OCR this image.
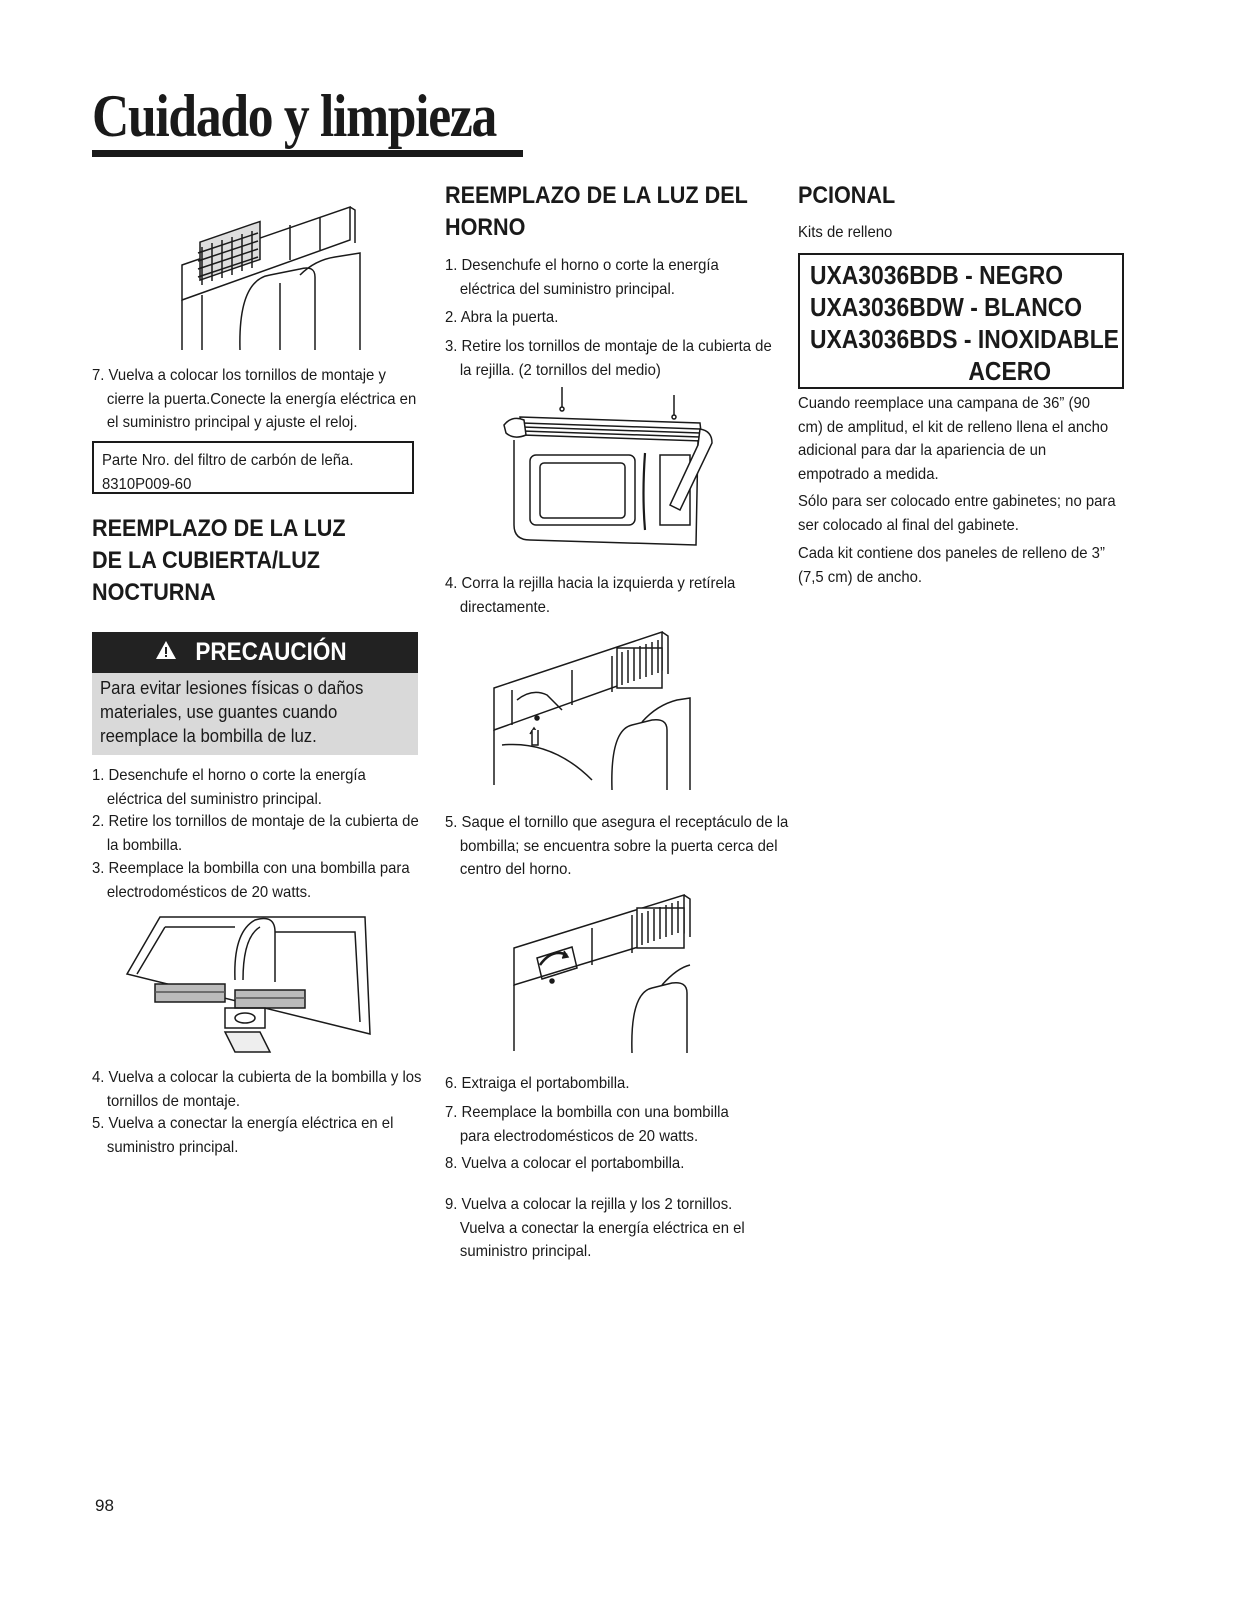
Cuidado y limpieza
7. Vuelva a colocar los tornillos de montaje y cierre la puerta.Conecte la energía eléctrica en el suministro principal y ajuste el reloj.
Parte Nro. del filtro de carbón de leña.
8310P009-60
REEMPLAZO DE LA LUZ
DE LA CUBIERTA/LUZ
NOCTURNA
PRECAUCIÓN
Para evitar lesiones físicas o daños materiales, use guantes cuando reemplace la bombilla de luz.
1. Desenchufe el horno o corte la energía eléctrica del suministro principal.
2. Retire los tornillos de montaje de la cubierta de la bombilla.
3. Reemplace la bombilla con una bombilla para electrodomésticos de 20 watts.
4. Vuelva a colocar la cubierta de la bombilla y los tornillos de montaje.
5. Vuelva a conectar la energía eléctrica en el suministro principal.
REEMPLAZO DE LA LUZ DEL
HORNO
1. Desenchufe el horno o corte la energía eléctrica del suministro principal.
2. Abra la puerta.
3. Retire los tornillos de montaje de la cubierta de la rejilla. (2 tornillos del medio)
4. Corra la rejilla hacia la izquierda y retírela directamente.
5. Saque el tornillo que asegura el receptáculo de la bombilla; se encuentra sobre la puerta cerca del centro del horno.
6. Extraiga el portabombilla.
7. Reemplace la bombilla con una bombilla para electrodomésticos de 20 watts.
8. Vuelva a colocar el portabombilla.
9. Vuelva a colocar la rejilla y los 2 tornillos. Vuelva a conectar la energía eléctrica en el suministro principal.
PCIONAL
Kits de relleno
UXA3036BDB - NEGRO
UXA3036BDW - BLANCO
UXA3036BDS - INOXIDABLE
ACERO
Cuando reemplace una campana de 36” (90 cm) de amplitud, el kit de relleno llena el ancho adicional para dar la apariencia de un empotrado a medida.
Sólo para ser colocado entre gabinetes; no para ser colocado al final del gabinete.
Cada kit contiene dos paneles de relleno de 3” (7,5 cm) de ancho.
98
